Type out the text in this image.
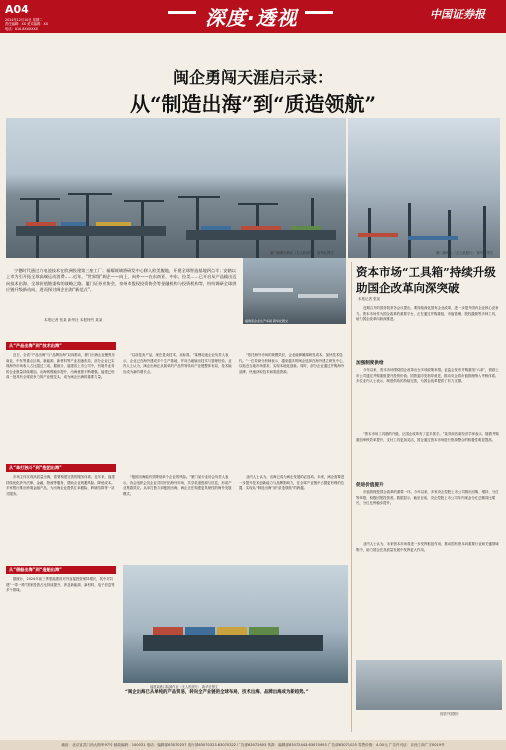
A04
2024年12月10日 星期二
责任编辑：XX 美术编辑：XX
电话：010-8XXXXXX	深度·透视	中国证券报
闽企勇闯天涯启示录：
从“制造出海”到“质造领航”
厦门港海天码头（无人机照片） 新华社图文	厦门港码头（无人机照片） 新华社图文
宁德时代通过力电池技术在欧洲投建第三座工厂；福耀玻璃将研发中心移入欧美腹地，开建全球智造基地四点半；安踏以上市为引开拓全球高端运动消费……近年，“世界级”闽企——向上、向外——在东南亚、中东、拉美……已开启从产品输出迈向技术出海、全球价值链重构的战略之路。厦门证券业协会、泉州市股权投资协会等金融机构与投资机构等，纷纷调研全球供应链升级新动向，进而探讨闽企出海“新范式”。
本报记者 张某 新华社 本报特约 某某	福建某企业生产车间 新华社图文
资本市场“工具箱”持续升级
助国企改革向深突破
本报记者 张某
近期召开的国务院常务会议提出，要持续深化国有企业改革，进一步提升国有企业核心竞争力。资本市场作为国企改革的重要平台，正在通过并购重组、市值管理、股权激励等多种工具，助力国企改革向纵深推进。
加强制度供给
今年以来，资本市场围绕国企改革出台多项政策举措。证监会发布并购重组“六条”，鼓励上市公司通过并购重组提升投资价值；国资委印发指导意见，推动央企将市值管理纳入考核体系。多位业内人士表示，制度供给的持续完善，为国企改革提供了有力支撑。
“资本市场工具箱的升级，让国企改革有了更多抓手。”某券商首席经济学家表示，随着并购重组审核效率提升、支付工具更加灵活，国企通过资本市场进行资源整合的积极性明显提高。
促进价值提升
市值管理是国企改革的重要一环。今年以来，多家央企控股上市公司推出回购、增持、分红等举措，积极回报投资者。数据显示，截至目前，央企控股上市公司年内现金分红总额同比增长，分红比例稳步提升。
业内人士认为，未来资本市场将进一步发挥枢纽作用，推动国有资本向重要行业和关键领域集中，助力国企在高质量发展中发挥更大作用。
从“产品出海”到“技术出海”
近日，全省“产品出海”与“品牌出海”双向推动，厦门出海企业聚焦东南亚、中东等重点区域，新能源、新材料等产业加速布局，部分企业已实现海外市场收入占比超过三成。据统计，福建省上市公司中，有境外业务的企业数量持续增加，出海规模稳步提升，出海意愿不断增强。福建已形成一批具有全球竞争力的产业链龙头，成为闽企出海的重要力量。
“以前是卖产品，现在是卖技术、卖标准。”某锂电池企业负责人表示，企业已在海外建成多个生产基地，并向当地输出技术与管理经验。业内人士认为，闽企出海正从简单的产品贸易转向产业链整体布局，技术输出成为新的增长点。
“依托海外市场的规模效应，企业能够摊薄研发成本，加快技术迭代。”一位券商分析师表示，越来越多的闽企选择在海外建立研发中心，以贴近当地市场需求，实现本地化创新。同时，部分企业通过并购海外品牌，快速获取技术和渠道资源。
从“单打独斗”到“抱团出海”
市场主体实现高质量出海，需要构建完善的服务体系。近年来，福建持续优化涉外法律、金融、物流等服务，帮助企业规避风险、降低成本。多家银行推出跨境金融产品，为出海企业提供汇率避险、跨境结算等一站式服务。
“抱团出海能有效降低单个企业的风险。”厦门某行业协会负责人表示，协会组织会员企业共同开拓海外市场，共享渠道资源与信息，形成产业集群效应。从单打独斗到抱团出海，闽企正在构建更具韧性的海外发展模式。
业内人士认为，出海已成为闽企发展的必选项。未来，闽企需要进一步提升技术创新能力与品牌影响力，在全球产业链中占据更有利的位置，实现从“制造出海”到“质造领航”的跨越。
从“借船出海”到“造船出海”
据统计，2024年前三季度福建省对外直接投资保持增长，其中对共建“一带一路”国家投资占比持续提升，涉及新能源、新材料、电子信息等多个领域。
福建某港口装卸作业（无人机照片） 新华社图文
“闽企出海已从单纯的产品贸易，转向全产业链的全球布局，技术出海、品牌出海成为新趋势。”
视觉中国图片
地址：北京宣武门西大街甲97号 邮政编码：100031 电话：编辑部63070257 发行部63070323.63070322 广告部63072603 传真：编辑部63072443.63070493 广告部63071025 零售价格：4.00元 广告许可证：京西工商广字0019号
